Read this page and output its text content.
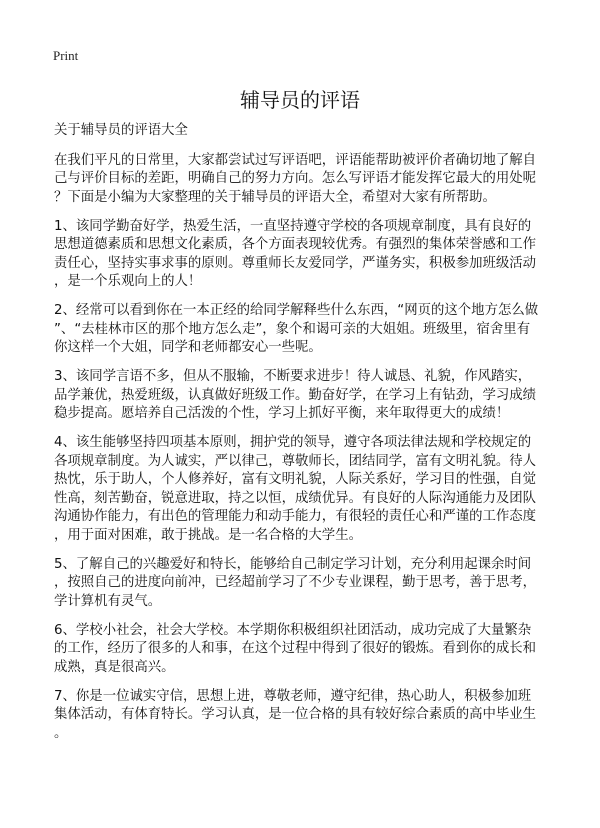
Print
辅导员的评语

关于辅导员的评语大全

在我们平凡的日常里，大家都尝试过写评语吧，评语能帮助被评价者确切地了解自
己与评价目标的差距，明确自己的努力方向。怎么写评语才能发挥它最大的用处呢
？下面是小编为大家整理的关于辅导员的评语大全，希望对大家有所帮助。

1、该同学勤奋好学，热爱生活，一直坚持遵守学校的各项规章制度，具有良好的
思想道德素质和思想文化素质，各个方面表现较优秀。有强烈的集体荣誉感和工作
责任心，坚持实事求事的原则。尊重师长友爱同学，严谨务实，积极参加班级活动
，是一个乐观向上的人！

2、经常可以看到你在一本正经的给同学解释些什么东西，“网页的这个地方怎么做
”、“去桂林市区的那个地方怎么走”，象个和谒可亲的大姐姐。班级里，宿舍里有
你这样一个大姐，同学和老师都安心一些呢。

3、该同学言语不多，但从不服输，不断要求进步！待人诚恳、礼貌，作风踏实，
品学兼优，热爱班级，认真做好班级工作。勤奋好学，在学习上有钻劲，学习成绩
稳步提高。愿培养自己活泼的个性，学习上抓好平衡，来年取得更大的成绩！

4、该生能够坚持四项基本原则，拥护党的领导，遵守各项法律法规和学校规定的
各项规章制度。为人诚实，严以律己，尊敬师长，团结同学，富有文明礼貌。待人
热忱，乐于助人，个人修养好，富有文明礼貌，人际关系好，学习目的性强，自觉
性高，刻苦勤奋，锐意进取，持之以恒，成绩优异。有良好的人际沟通能力及团队
沟通协作能力，有出色的管理能力和动手能力，有很轻的责任心和严谨的工作态度
，用于面对困难，敢于挑战。是一名合格的大学生。

5、了解自己的兴趣爱好和特长，能够给自己制定学习计划，充分利用起课余时间
，按照自己的进度向前冲，已经超前学习了不少专业课程，勤于思考，善于思考，
学计算机有灵气。

6、学校小社会，社会大学校。本学期你积极组织社团活动，成功完成了大量繁杂
的工作，经历了很多的人和事，在这个过程中得到了很好的锻炼。看到你的成长和
成熟，真是很高兴。

7、你是一位诚实守信，思想上进，尊敬老师，遵守纪律，热心助人，积极参加班
集体活动，有体育特长。学习认真，是一位合格的具有较好综合素质的高中毕业生
。
